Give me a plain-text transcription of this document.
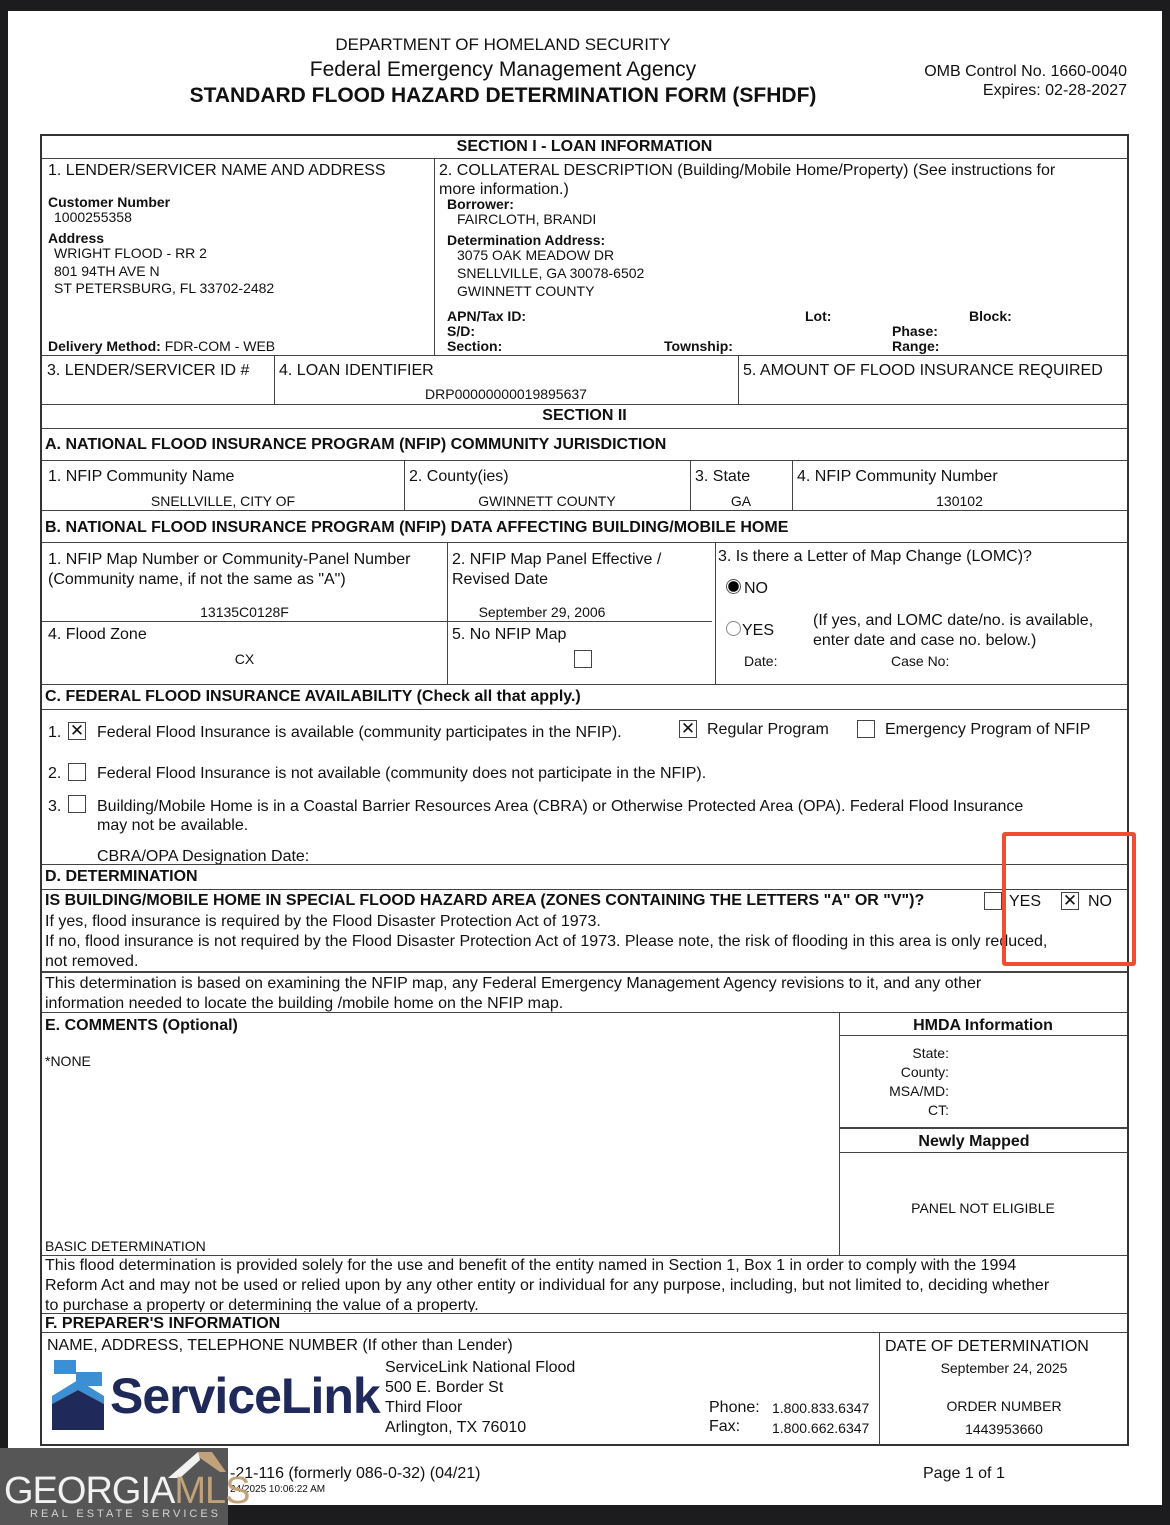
DEPARTMENT OF HOMELAND SECURITY
Federal Emergency Management Agency
STANDARD FLOOD HAZARD DETERMINATION FORM (SFHDF)
OMB Control No. 1660-0040
Expires: 02-28-2027
SECTION I - LOAN INFORMATION
1. LENDER/SERVICER NAME AND ADDRESS
Customer Number
1000255358
Address
WRIGHT FLOOD - RR 2
801 94TH AVE N
ST PETERSBURG, FL 33702-2482
Delivery Method: FDR-COM - WEB
2. COLLATERAL DESCRIPTION (Building/Mobile Home/Property) (See instructions for
more information.)
Borrower:
FAIRCLOTH, BRANDI
Determination Address:
3075 OAK MEADOW DR
SNELLVILLE, GA 30078-6502
GWINNETT COUNTY
APN/Tax ID:	Lot:	Block:
S/D:	Phase:
Section:	Township:	Range:
3. LENDER/SERVICER ID # 4. LOAN IDENTIFIER
DRP00000000019895637
5. AMOUNT OF FLOOD INSURANCE REQUIRED
SECTION II
A. NATIONAL FLOOD INSURANCE PROGRAM (NFIP) COMMUNITY JURISDICTION
1. NFIP Community Name
SNELLVILLE, CITY OF
2. County(ies)
GWINNETT COUNTY
3. State
GA
4. NFIP Community Number
130102
B. NATIONAL FLOOD INSURANCE PROGRAM (NFIP) DATA AFFECTING BUILDING/MOBILE HOME
1. NFIP Map Number or Community-Panel Number
(Community name, if not the same as "A")
13135C0128F
2. NFIP Map Panel Effective /
Revised Date
September 29, 2006
4. Flood Zone
CX
5. No NFIP Map
3. Is there a Letter of Map Change (LOMC)?
NO
YES
(If yes, and LOMC date/no. is available,
enter date and case no. below.)
Date:	Case No:
C. FEDERAL FLOOD INSURANCE AVAILABILITY (Check all that apply.)
1. ✕ Federal Flood Insurance is available (community participates in the NFIP).	✕ Regular Program	Emergency Program of NFIP
2. Federal Flood Insurance is not available (community does not participate in the NFIP).
3. Building/Mobile Home is in a Coastal Barrier Resources Area (CBRA) or Otherwise Protected Area (OPA). Federal Flood Insurance
may not be available.
CBRA/OPA Designation Date:
D. DETERMINATION
IS BUILDING/MOBILE HOME IN SPECIAL FLOOD HAZARD AREA (ZONES CONTAINING THE LETTERS "A" OR "V")?	YES ✕ NO
If yes, flood insurance is required by the Flood Disaster Protection Act of 1973.
If no, flood insurance is not required by the Flood Disaster Protection Act of 1973. Please note, the risk of flooding in this area is only reduced,
not removed.
This determination is based on examining the NFIP map, any Federal Emergency Management Agency revisions to it, and any other
information needed to locate the building /mobile home on the NFIP map.
E. COMMENTS (Optional)
*NONE
BASIC DETERMINATION
HMDA Information
State:
County:
MSA/MD:
CT:
Newly Mapped
PANEL NOT ELIGIBLE
This flood determination is provided solely for the use and benefit of the entity named in Section 1, Box 1 in order to comply with the 1994
Reform Act and may not be used or relied upon by any other entity or individual for any purpose, including, but not limited to, deciding whether
to purchase a property or determining the value of a property.
F. PREPARER'S INFORMATION
NAME, ADDRESS, TELEPHONE NUMBER (If other than Lender)
ServiceLink
ServiceLink National Flood
500 E. Border St
Third Floor
Arlington, TX 76010
Phone: 1.800.833.6347
Fax: 1.800.662.6347
DATE OF DETERMINATION
September 24, 2025
ORDER NUMBER
1443953660
-21-116 (formerly 086-0-32) (04/21)
24/2025 10:06:22 AM
Page 1 of 1
GEORGIAMLS
REAL ESTATE SERVICES
